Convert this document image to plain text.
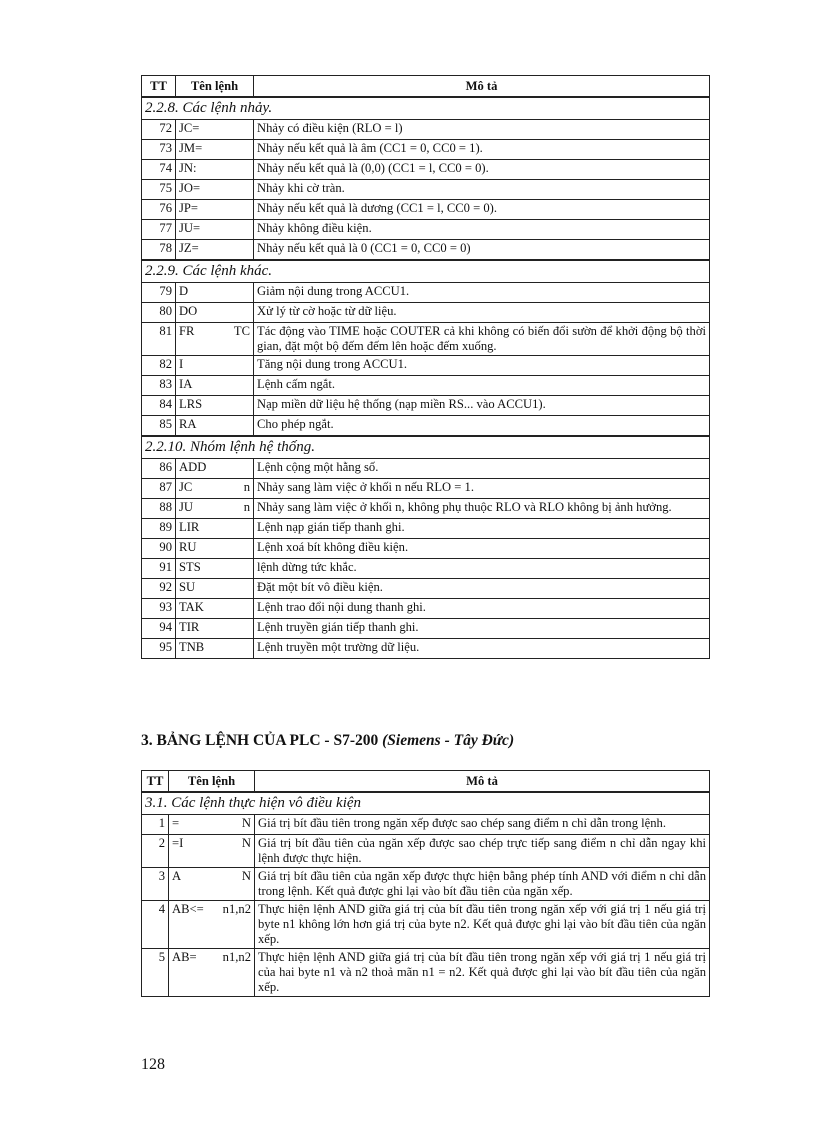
TT	Tên lệnh	Mô tả
2.2.8. Các lệnh nhảy.		
72	JC=	Nhảy có điều kiện (RLO = l)
73	JM=	Nhảy nếu kết quả là âm (CC1 = 0, CC0 = 1).
74	JN:	Nhảy nếu kết quả là (0,0) (CC1 = l, CC0 = 0).
75	JO=	Nhảy khi cờ tràn.
76	JP=	Nhảy nếu kết quả là dương (CC1 = l, CC0 = 0).
77	JU=	Nhảy không điều kiện.
78	JZ=	Nhảy nếu kết quả là 0 (CC1 = 0, CC0 = 0)
2.2.9. Các lệnh khác.		
79	D	Giảm nội dung trong ACCU1.
80	DO	Xử lý từ cờ hoặc từ dữ liệu.
81	FR TC	Tác động vào TIME hoặc COUTER cả khi không có biến đổi sườn để khởi động bộ thời gian, đặt một bộ đếm đếm lên hoặc đếm xuống.
82	I	Tăng nội dung trong ACCU1.
83	IA	Lệnh cấm ngắt.
84	LRS	Nạp miền dữ liệu hệ thống (nạp miền RS... vào ACCU1).
85	RA	Cho phép ngắt.
2.2.10. Nhóm lệnh hệ thống.		
86	ADD	Lệnh cộng một hằng số.
87	JC n	Nhảy sang làm việc ở khối n nếu RLO = 1.
88	JU n	Nhảy sang làm việc ở khối n, không phụ thuộc RLO và RLO không bị ảnh hưởng.
89	LIR	Lệnh nạp gián tiếp thanh ghi.
90	RU	Lệnh xoá bít không điều kiện.
91	STS	lệnh dừng tức khắc.
92	SU	Đặt một bít vô điều kiện.
93	TAK	Lệnh trao đổi nội dung thanh ghi.
94	TIR	Lệnh truyền gián tiếp thanh ghi.
95	TNB	Lệnh truyền một trường dữ liệu.
3. BẢNG LỆNH CỦA PLC - S7-200 (Siemens - Tây Đức)
TT	Tên lệnh	Mô tả
3.1. Các lệnh thực hiện vô điều kiện		
1	= N	Giá trị bít đầu tiên trong ngăn xếp được sao chép sang điểm n chỉ dẫn trong lệnh.
2	=I N	Giá trị bít đầu tiên của ngăn xếp được sao chép trực tiếp sang điểm n chỉ dẫn ngay khi lệnh được thực hiện.
3	A N	Giá trị bít đầu tiên của ngăn xếp được thực hiện bằng phép tính AND với điểm n chỉ dẫn trong lệnh. Kết quả được ghi lại vào bít đầu tiên của ngăn xếp.
4	AB<= n1,n2	Thực hiện lệnh AND giữa giá trị của bít đầu tiên trong ngăn xếp với giá trị 1 nếu giá trị byte n1 không lớn hơn giá trị của byte n2. Kết quả được ghi lại vào bít đầu tiên của ngăn xếp.
5	AB= n1,n2	Thực hiện lệnh AND giữa giá trị của bít đầu tiên trong ngăn xếp với giá trị 1 nếu giá trị của hai byte n1 và n2 thoả mãn n1 = n2. Kết quả được ghi lại vào bít đầu tiên của ngăn xếp.
128
